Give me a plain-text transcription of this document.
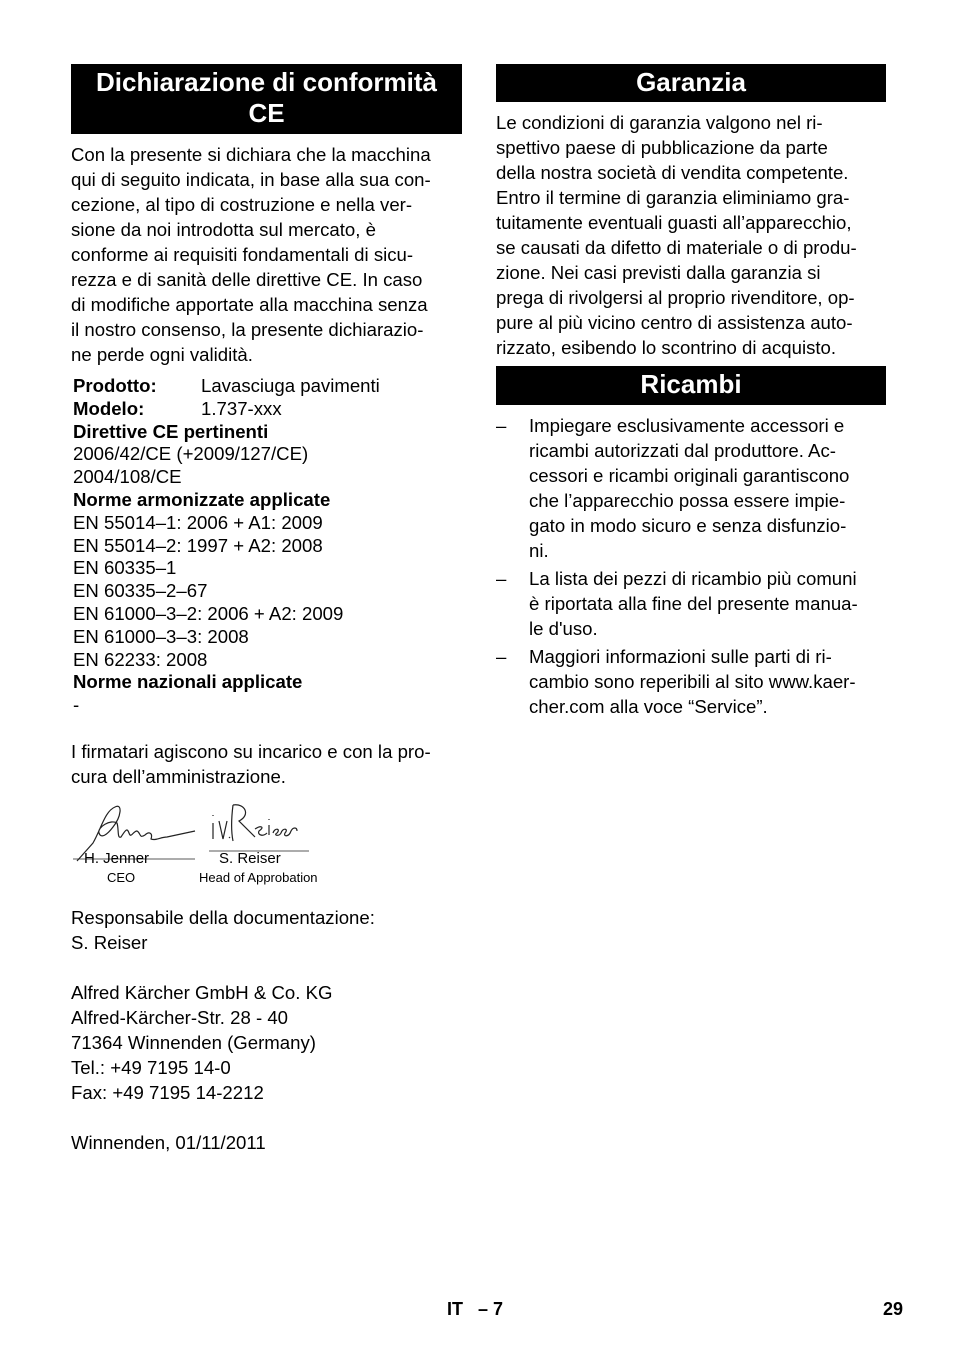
Dichiarazione di conformità CE

Con la presente si dichiara che la macchina
qui di seguito indicata, in base alla sua con-
cezione, al tipo di costruzione e nella ver-
sione da noi introdotta sul mercato, è
conforme ai requisiti fondamentali di sicu-
rezza e di sanità delle direttive CE. In caso
di modifiche apportate alla macchina senza
il nostro consenso, la presente dichiarazio-
ne perde ogni validità.

Prodotto:	Lavasciuga pavimenti
Modelo:	1.737-xxx
Direttive CE pertinenti
2006/42/CE (+2009/127/CE)
2004/108/CE
Norme armonizzate applicate
EN 55014–1: 2006 + A1: 2009
EN 55014–2: 1997 + A2: 2008
EN 60335–1
EN 60335–2–67
EN 61000–3–2: 2006 + A2: 2009
EN 61000–3–3: 2008
EN 62233: 2008
Norme nazionali applicate
-

I firmatari agiscono su incarico e con la pro-
cura dell’amministrazione.

H. Jenner
CEO
S. Reiser
Head of Approbation
Responsabile della documentazione:
S. Reiser
Alfred Kärcher GmbH & Co. KG
Alfred-Kärcher-Str. 28 - 40
71364 Winnenden (Germany)
Tel.: +49 7195 14-0
Fax: +49 7195 14-2212
Winnenden, 01/11/2011
Garanzia

Le condizioni di garanzia valgono nel ri-
spettivo paese di pubblicazione da parte
della nostra società di vendita competente.
Entro il termine di garanzia eliminiamo gra-
tuitamente eventuali guasti all’apparecchio,
se causati da difetto di materiale o di produ-
zione. Nei casi previsti dalla garanzia si
prega di rivolgersi al proprio rivenditore, op-
pure al più vicino centro di assistenza auto-
rizzato, esibendo lo scontrino di acquisto.

Ricambi
–	Impiegare esclusivamente accessori e
ricambi autorizzati dal produttore. Ac-
cessori e ricambi originali garantiscono
che l’apparecchio possa essere impie-
gato in modo sicuro e senza disfunzio-
ni.
–	La lista dei pezzi di ricambio più comuni
è riportata alla fine del presente manua-
le d'uso.
–	Maggiori informazioni sulle parti di ri-
cambio sono reperibili al sito www.kaer-
cher.com alla voce “Service”.
IT   – 7	29
